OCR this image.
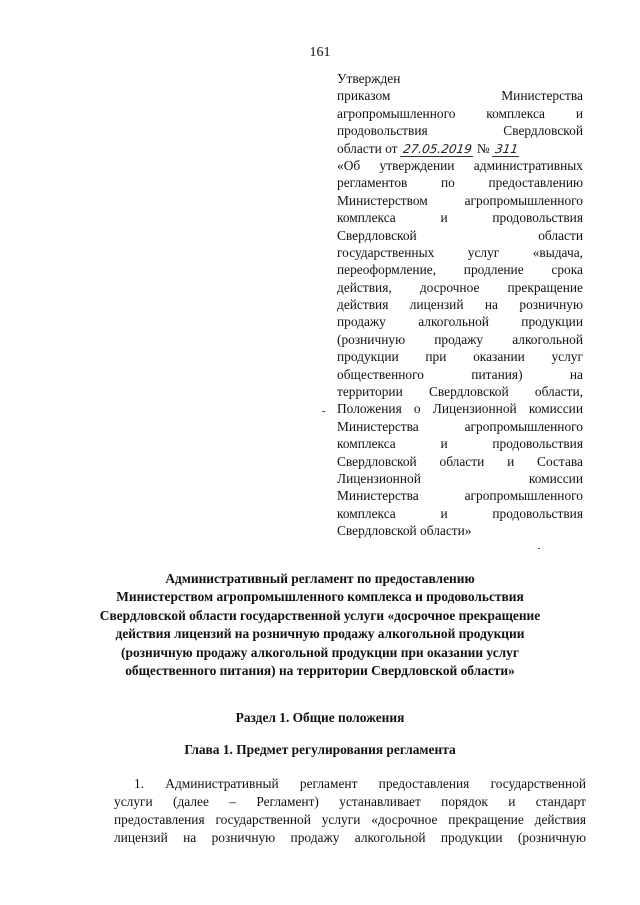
161
Утвержден
приказом Министерства
агропромышленного комплекса и
продовольствия Свердловской
области от 27.05.2019 № 311
«Об утверждении административных
регламентов по предоставлению
Министерством агропромышленного
комплекса и продовольствия
Свердловской области
государственных услуг «выдача,
переоформление, продление срока
действия, досрочное прекращение
действия лицензий на розничную
продажу алкогольной продукции
(розничную продажу алкогольной
продукции при оказании услуг
общественного питания) на
территории Свердловской области,
Положения о Лицензионной комиссии
Министерства агропромышленного
комплекса и продовольствия
Свердловской области и Состава
Лицензионной комиссии
Министерства агропромышленного
комплекса и продовольствия
Свердловской области»
Административный регламент по предоставлению
Министерством агропромышленного комплекса и продовольствия
Свердловской области государственной услуги «досрочное прекращение
действия лицензий на розничную продажу алкогольной продукции
(розничную продажу алкогольной продукции при оказании услуг
общественного питания) на территории Свердловской области»
Раздел 1. Общие положения
Глава 1. Предмет регулирования регламента
1. Административный регламент предоставления государственной
услуги (далее – Регламент) устанавливает порядок и стандарт
предоставления государственной услуги «досрочное прекращение действия
лицензий на розничную продажу алкогольной продукции (розничную
